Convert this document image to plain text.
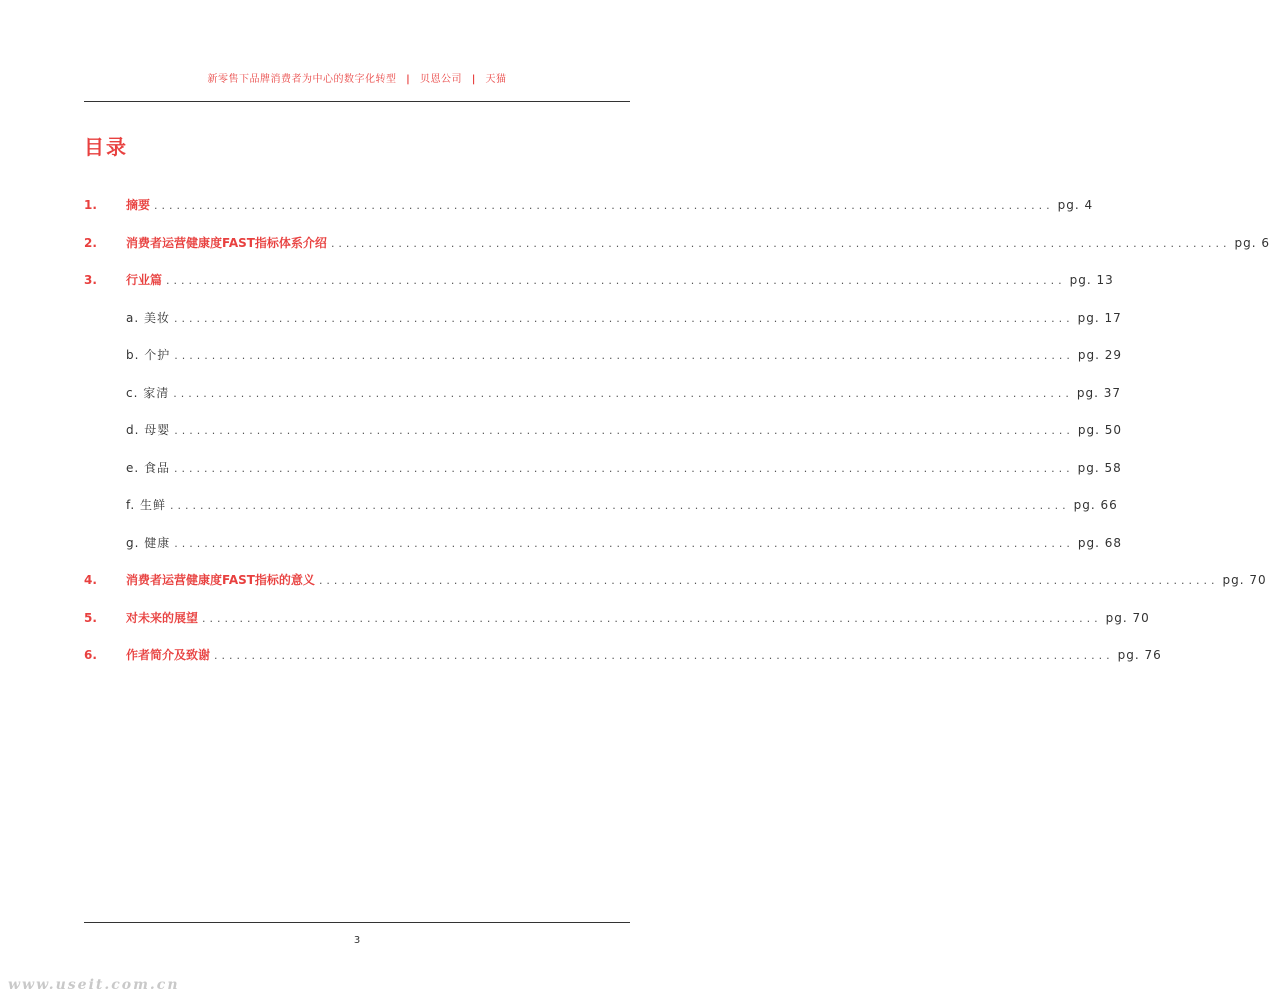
新零售下品牌消费者为中心的数字化转型 | 贝恩公司 | 天猫
目录
1.	摘要 ........................................................................................................................ pg. 4
2.	消费者运营健康度FAST指标体系介绍 ........................................................................................................................ pg. 6
3.	行业篇 ........................................................................................................................ pg. 13
a. 美妆 ........................................................................................................................ pg. 17
b. 个护 ........................................................................................................................ pg. 29
c. 家清 ........................................................................................................................ pg. 37
d. 母婴 ........................................................................................................................ pg. 50
e. 食品 ........................................................................................................................ pg. 58
f. 生鲜 ........................................................................................................................ pg. 66
g. 健康 ........................................................................................................................ pg. 68
4.	消费者运营健康度FAST指标的意义 ........................................................................................................................ pg. 70
5.	对未来的展望 ........................................................................................................................ pg. 70
6.	作者简介及致谢 ........................................................................................................................ pg. 76
3
www.useit.com.cn
